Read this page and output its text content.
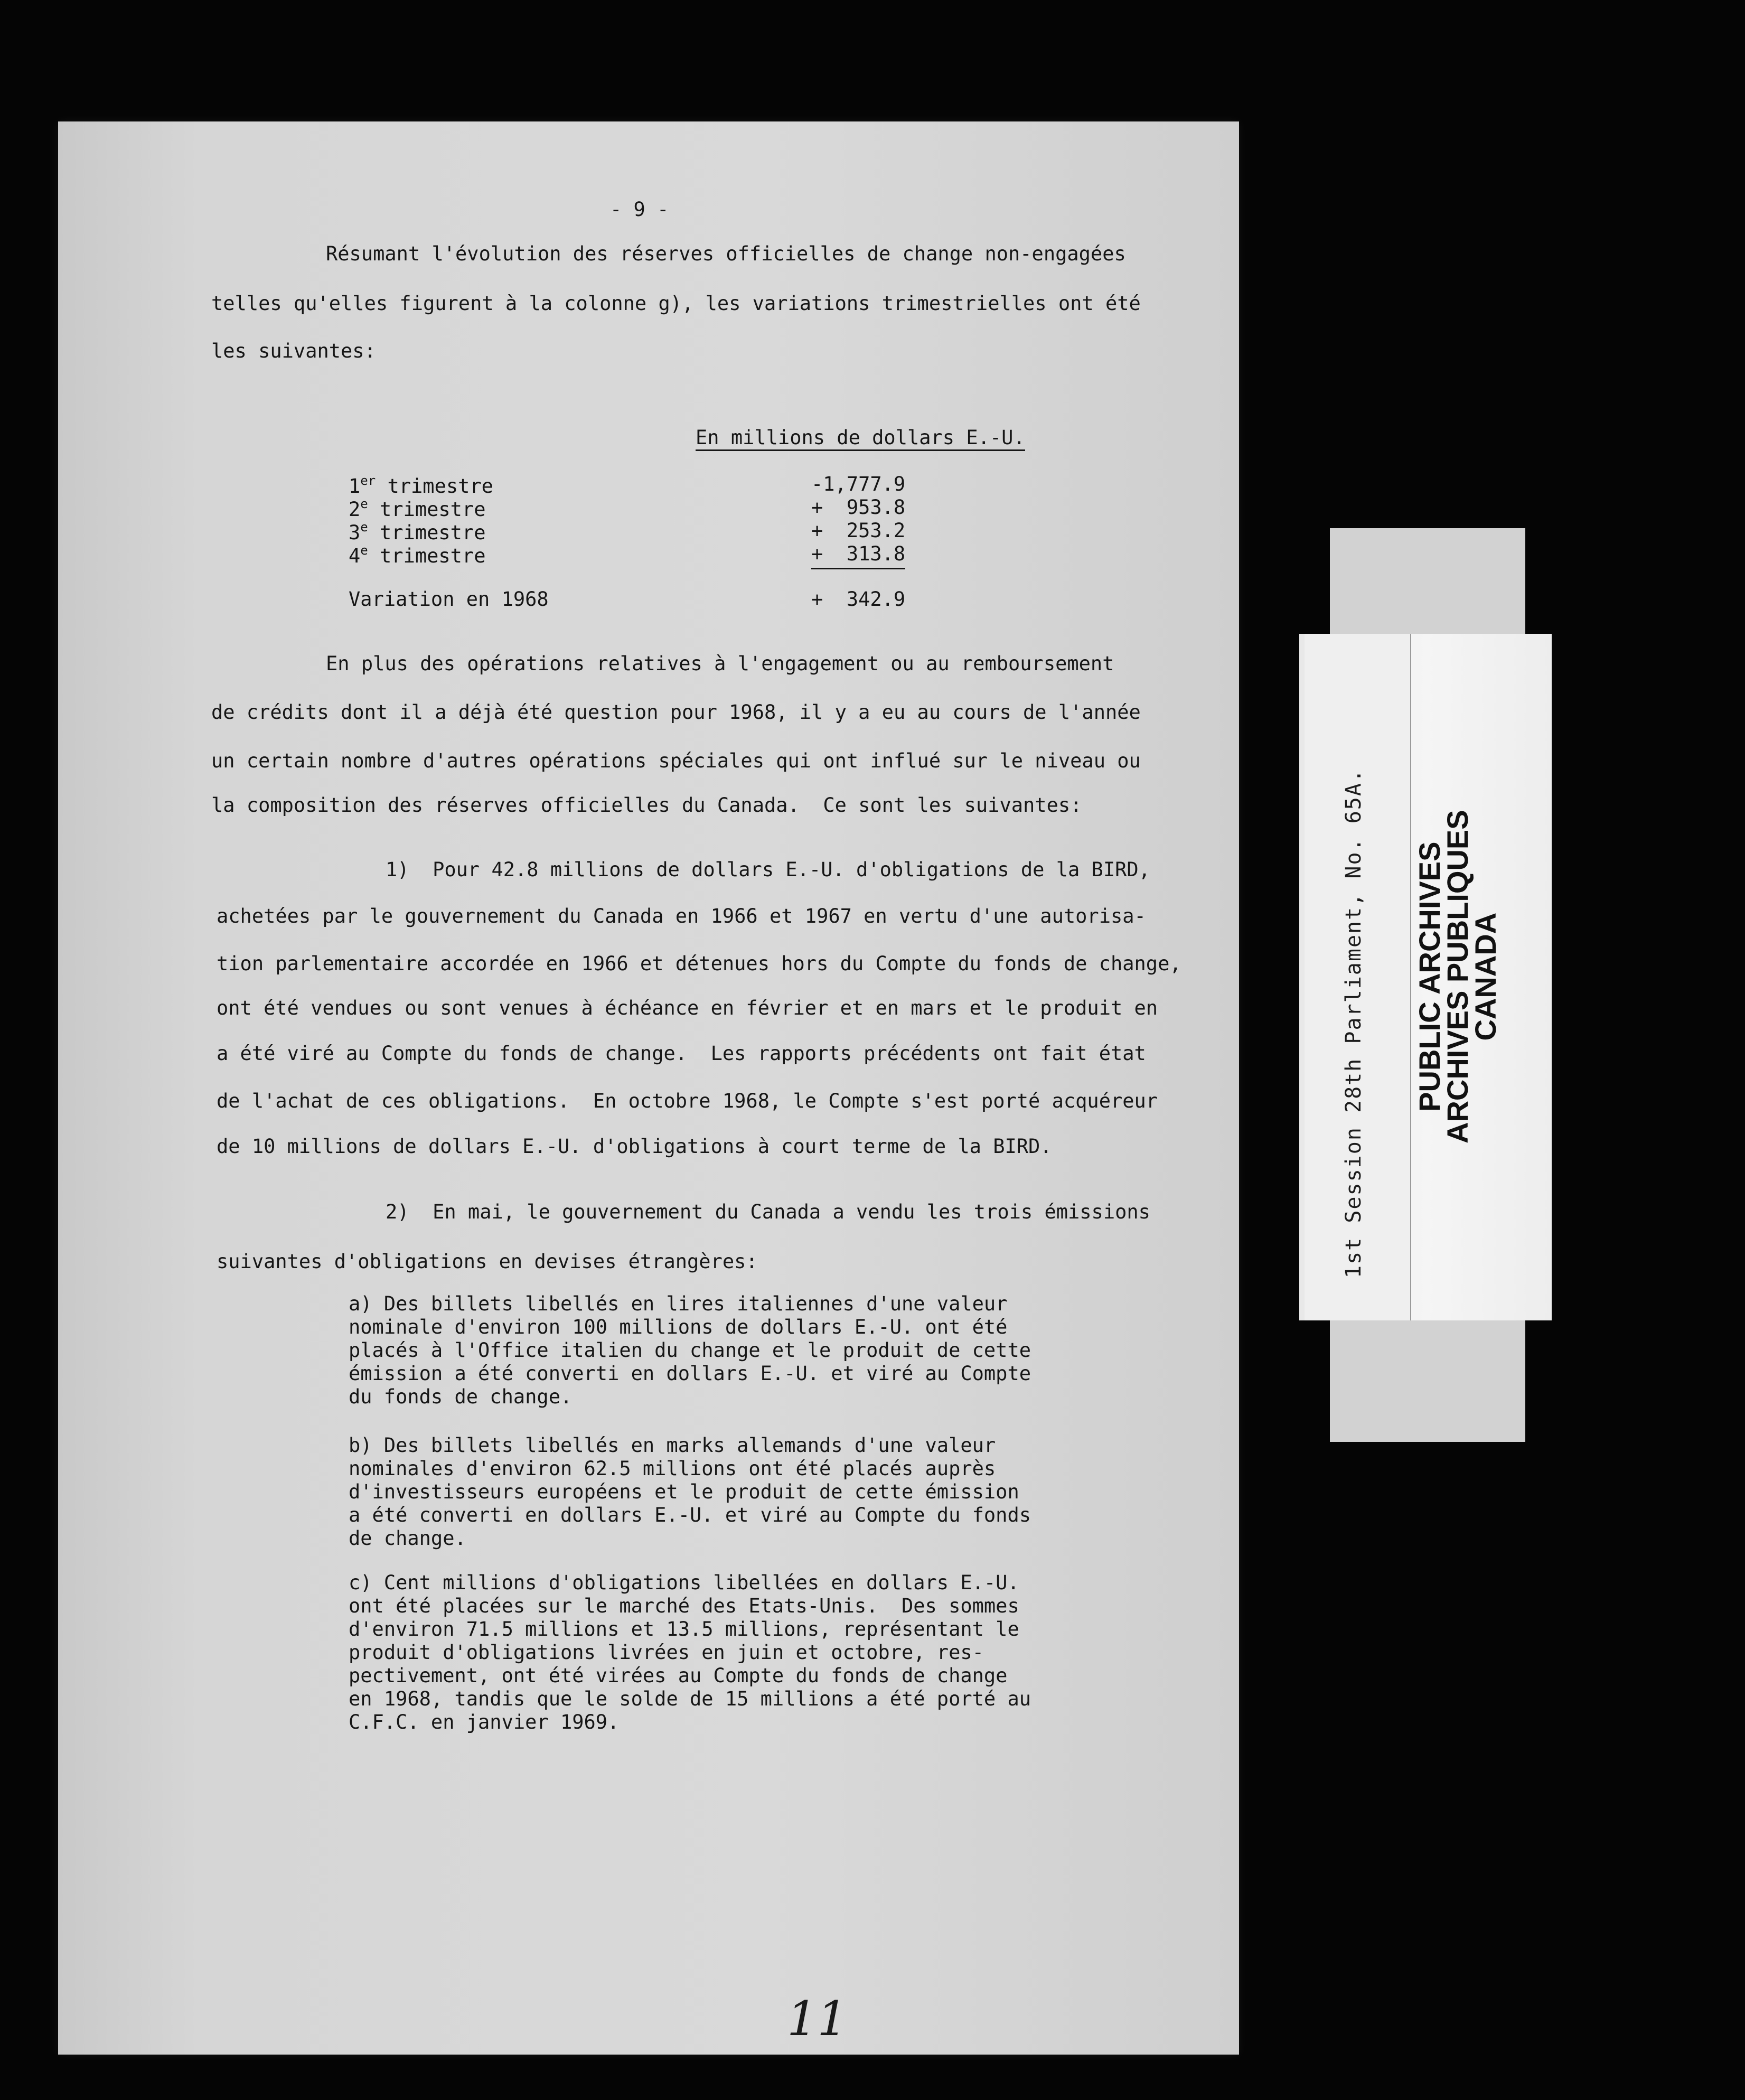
- 9 -

Résumant l'évolution des réserves officielles de change non-engagées

telles qu'elles figurent à la colonne g), les variations trimestrielles ont été

les suivantes:

En millions de dollars E.-U.

1er trimestre	-1,777.9

2e trimestre	+  953.8

3e trimestre	+  253.2

4e trimestre	+  313.8

Variation en 1968	+  342.9

En plus des opérations relatives à l'engagement ou au remboursement

de crédits dont il a déjà été question pour 1968, il y a eu au cours de l'année

un certain nombre d'autres opérations spéciales qui ont influé sur le niveau ou

la composition des réserves officielles du Canada.  Ce sont les suivantes:

1)  Pour 42.8 millions de dollars E.-U. d'obligations de la BIRD,

achetées par le gouvernement du Canada en 1966 et 1967 en vertu d'une autorisa-

tion parlementaire accordée en 1966 et détenues hors du Compte du fonds de change,

ont été vendues ou sont venues à échéance en février et en mars et le produit en

a été viré au Compte du fonds de change.  Les rapports précédents ont fait état

de l'achat de ces obligations.  En octobre 1968, le Compte s'est porté acquéreur

de 10 millions de dollars E.-U. d'obligations à court terme de la BIRD.

2)  En mai, le gouvernement du Canada a vendu les trois émissions

suivantes d'obligations en devises étrangères:

a) Des billets libellés en lires italiennes d'une valeur

nominale d'environ 100 millions de dollars E.-U. ont été

placés à l'Office italien du change et le produit de cette

émission a été converti en dollars E.-U. et viré au Compte

du fonds de change.

b) Des billets libellés en marks allemands d'une valeur

nominales d'environ 62.5 millions ont été placés auprès

d'investisseurs européens et le produit de cette émission

a été converti en dollars E.-U. et viré au Compte du fonds

de change.

c) Cent millions d'obligations libellées en dollars E.-U.

ont été placées sur le marché des Etats-Unis.  Des sommes

d'environ 71.5 millions et 13.5 millions, représentant le

produit d'obligations livrées en juin et octobre, res-

pectivement, ont été virées au Compte du fonds de change

en 1968, tandis que le solde de 15 millions a été porté au

C.F.C. en janvier 1969.

11

1st Session 28th Parliament, No. 65A. PUBLIC ARCHIVES
ARCHIVES PUBLIQUES
CANADA
